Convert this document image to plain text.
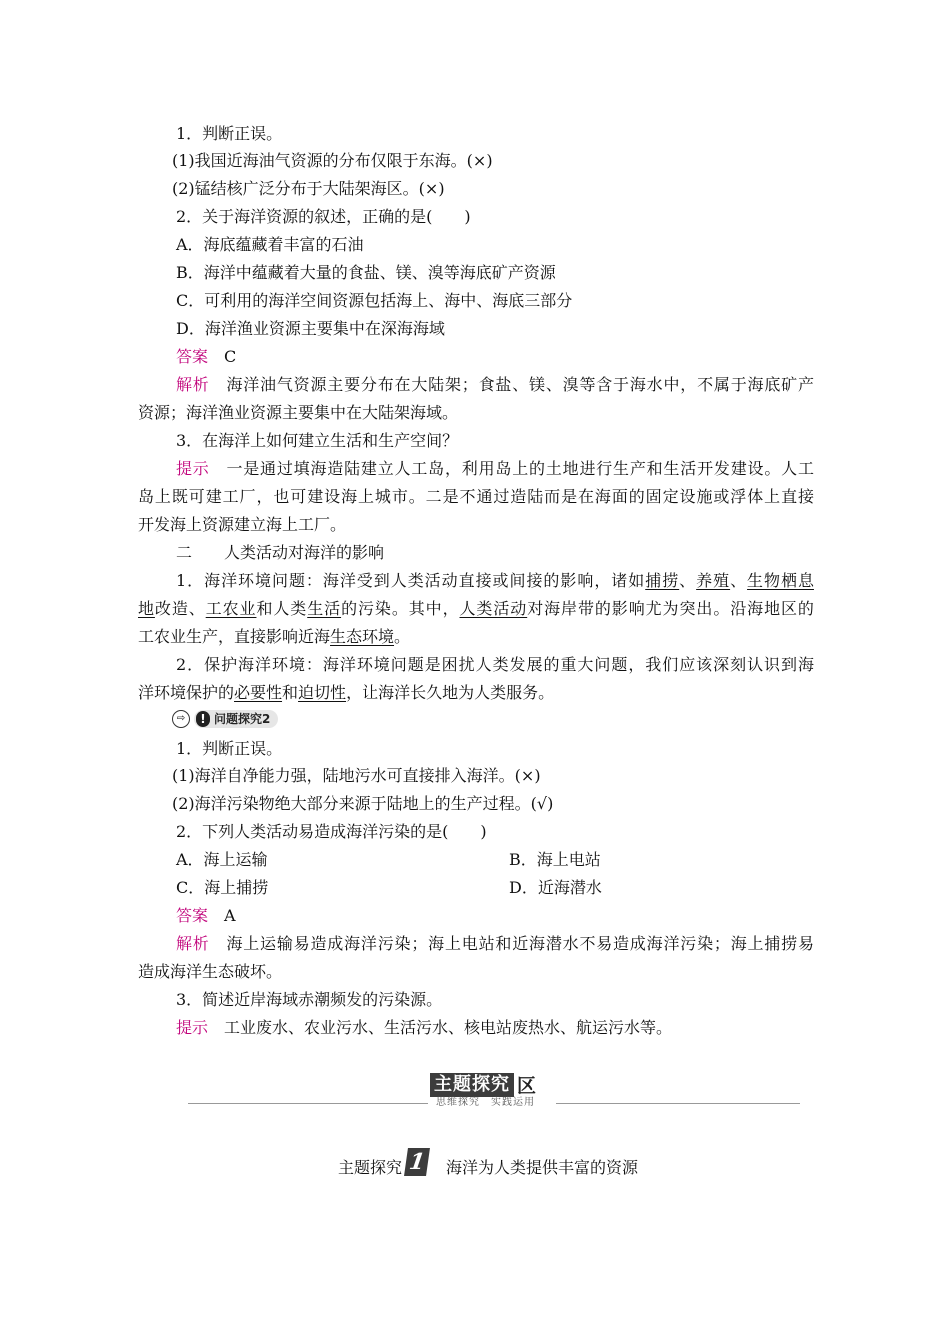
1．判断正误。
(1)我国近海油气资源的分布仅限于东海。(×)
(2)锰结核广泛分布于大陆架海区。(×)
2．关于海洋资源的叙述，正确的是(　　)
A．海底蕴藏着丰富的石油
B．海洋中蕴藏着大量的食盐、镁、溴等海底矿产资源
C．可利用的海洋空间资源包括海上、海中、海底三部分
D．海洋渔业资源主要集中在深海海域
答案　 C
解析　 海洋油气资源主要分布在大陆架；食盐、镁、溴等含于海水中，不属于海底矿产
资源；海洋渔业资源主要集中在大陆架海域。
3．在海洋上如何建立生活和生产空间？
提示　 一是通过填海造陆建立人工岛，利用岛上的土地进行生产和生活开发建设。人工
岛上既可建工厂，也可建设海上城市。二是不通过造陆而是在海面的固定设施或浮体上直接
开发海上资源建立海上工厂。
二　　人类活动对海洋的影响
1．海洋环境问题：海洋受到人类活动直接或间接的影响，诸如捕捞、养殖、生物栖息
地改造、工农业和人类生活的污染。其中，人类活动对海岸带的影响尤为突出。沿海地区的
工农业生产，直接影响近海生态环境。
2．保护海洋环境：海洋环境问题是困扰人类发展的重大问题，我们应该深刻认识到海
洋环境保护的必要性和迫切性，让海洋长久地为人类服务。
⇨	! 问题探究2
1．判断正误。
(1)海洋自净能力强，陆地污水可直接排入海洋。(×)
(2)海洋污染物绝大部分来源于陆地上的生产过程。(√)
2．下列人类活动易造成海洋污染的是(　　)
A．海上运输	B．海上电站
C．海上捕捞	D．近海潜水
答案　 A
解析　 海上运输易造成海洋污染；海上电站和近海潜水不易造成海洋污染；海上捕捞易
造成海洋生态破坏。
3．简述近岸海域赤潮频发的污染源。
提示　 工业废水、农业污水、生活污水、核电站废热水、航运污水等。
主题探究 区
思维探究　实践运用
主题探究 1 海洋为人类提供丰富的资源
